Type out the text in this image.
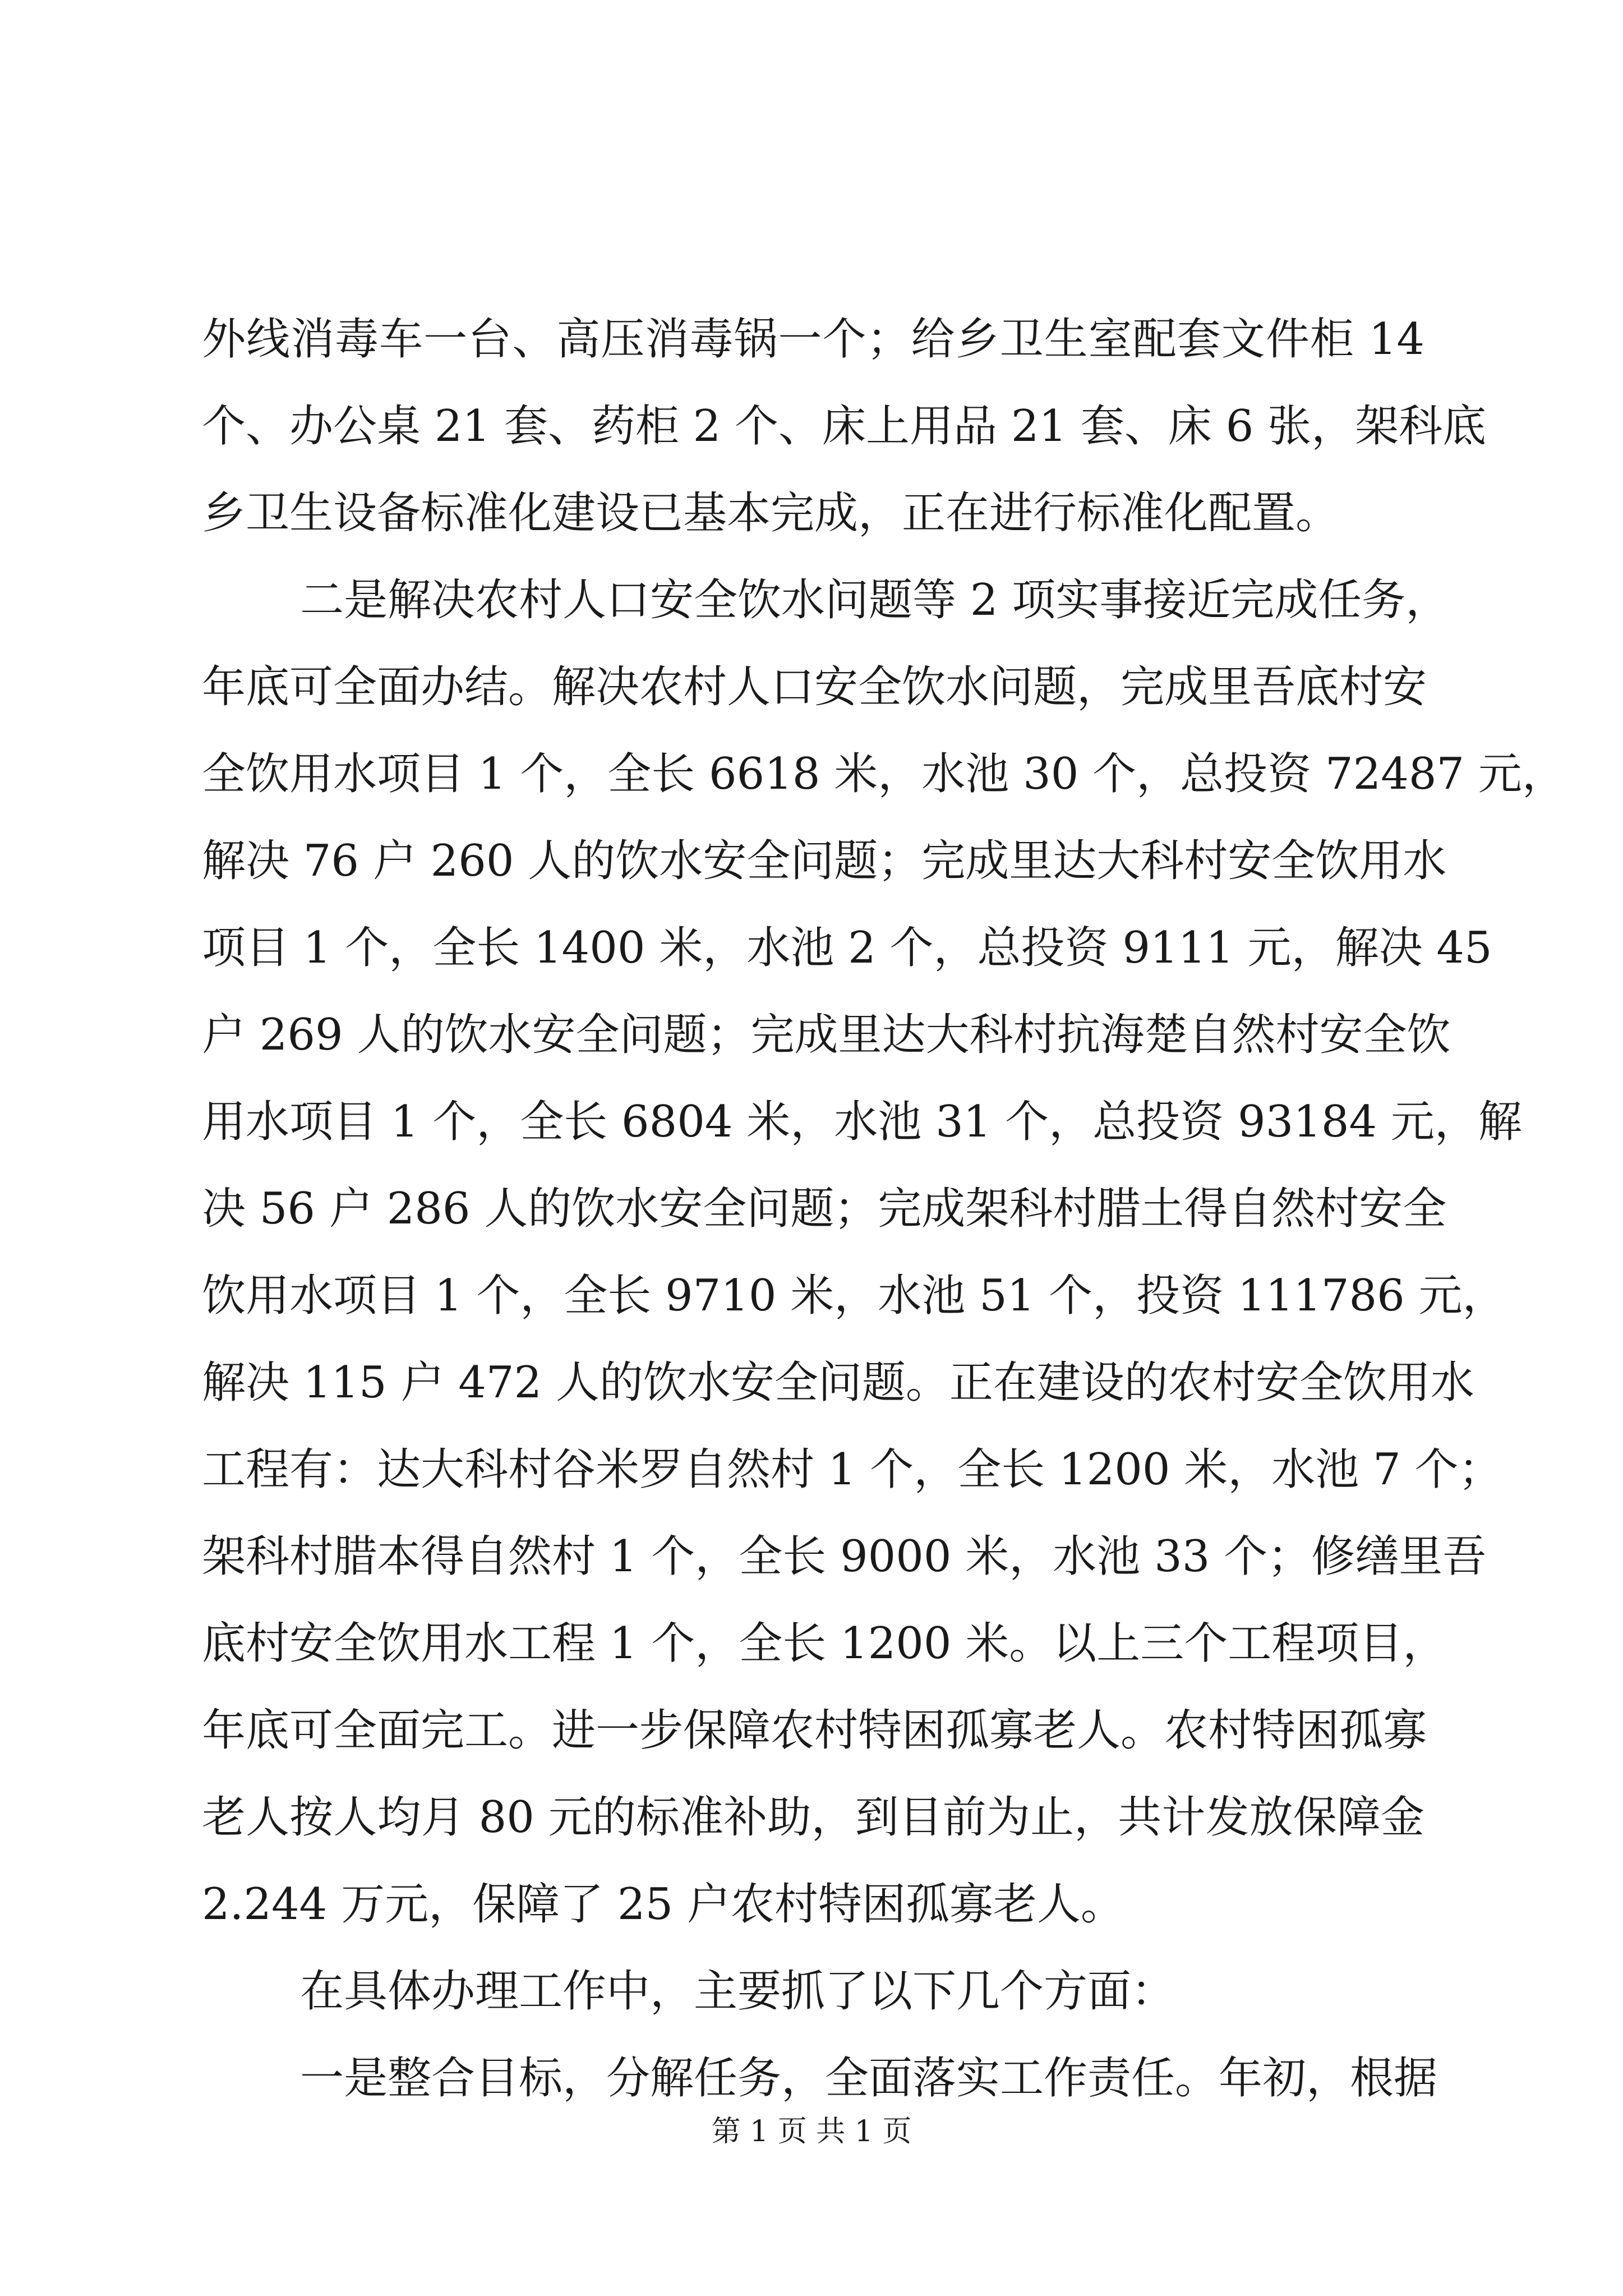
外线消毒车一台、高压消毒锅一个；给乡卫生室配套文件柜 14
个、办公桌 21 套、药柜 2 个、床上用品 21 套、床 6 张，架科底
乡卫生设备标准化建设已基本完成，正在进行标准化配置。
二是解决农村人口安全饮水问题等 2 项实事接近完成任务，
年底可全面办结。解决农村人口安全饮水问题，完成里吾底村安
全饮用水项目 1 个，全长 6618 米，水池 30 个，总投资 72487 元，
解决 76 户 260 人的饮水安全问题；完成里达大科村安全饮用水
项目 1 个，全长 1400 米，水池 2 个，总投资 9111 元，解决 45
户 269 人的饮水安全问题；完成里达大科村抗海楚自然村安全饮
用水项目 1 个，全长 6804 米，水池 31 个，总投资 93184 元，解
决 56 户 286 人的饮水安全问题；完成架科村腊土得自然村安全
饮用水项目 1 个，全长 9710 米，水池 51 个，投资 111786 元，
解决 115 户 472 人的饮水安全问题。正在建设的农村安全饮用水
工程有：达大科村谷米罗自然村 1 个，全长 1200 米，水池 7 个；
架科村腊本得自然村 1 个，全长 9000 米，水池 33 个；修缮里吾
底村安全饮用水工程 1 个，全长 1200 米。以上三个工程项目，
年底可全面完工。进一步保障农村特困孤寡老人。农村特困孤寡
老人按人均月 80 元的标准补助，到目前为止，共计发放保障金
2.244 万元，保障了 25 户农村特困孤寡老人。
在具体办理工作中，主要抓了以下几个方面：
一是整合目标，分解任务，全面落实工作责任。年初，根据
第 1 页 共 1 页
